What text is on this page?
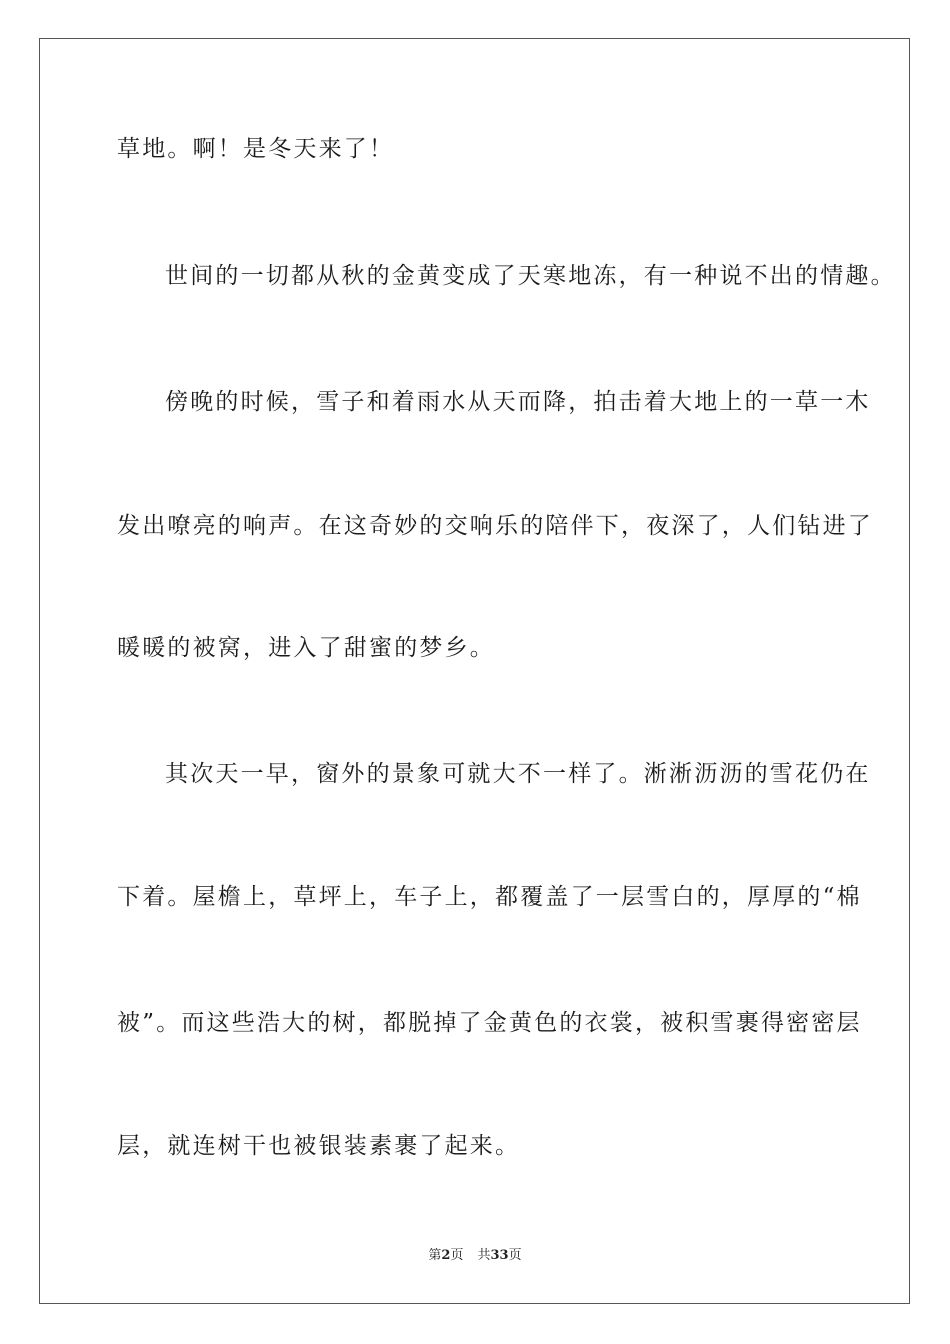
草地。啊！是冬天来了！
世间的一切都从秋的金黄变成了天寒地冻，有一种说不出的情趣。
傍晚的时候，雪子和着雨水从天而降，拍击着大地上的一草一木
发出嘹亮的响声。在这奇妙的交响乐的陪伴下，夜深了，人们钻进了
暖暖的被窝，进入了甜蜜的梦乡。
其次天一早，窗外的景象可就大不一样了。淅淅沥沥的雪花仍在
下着。屋檐上，草坪上，车子上，都覆盖了一层雪白的，厚厚的“棉
被”。而这些浩大的树，都脱掉了金黄色的衣裳，被积雪裹得密密层
层，就连树干也被银装素裹了起来。
第2页 共33页
